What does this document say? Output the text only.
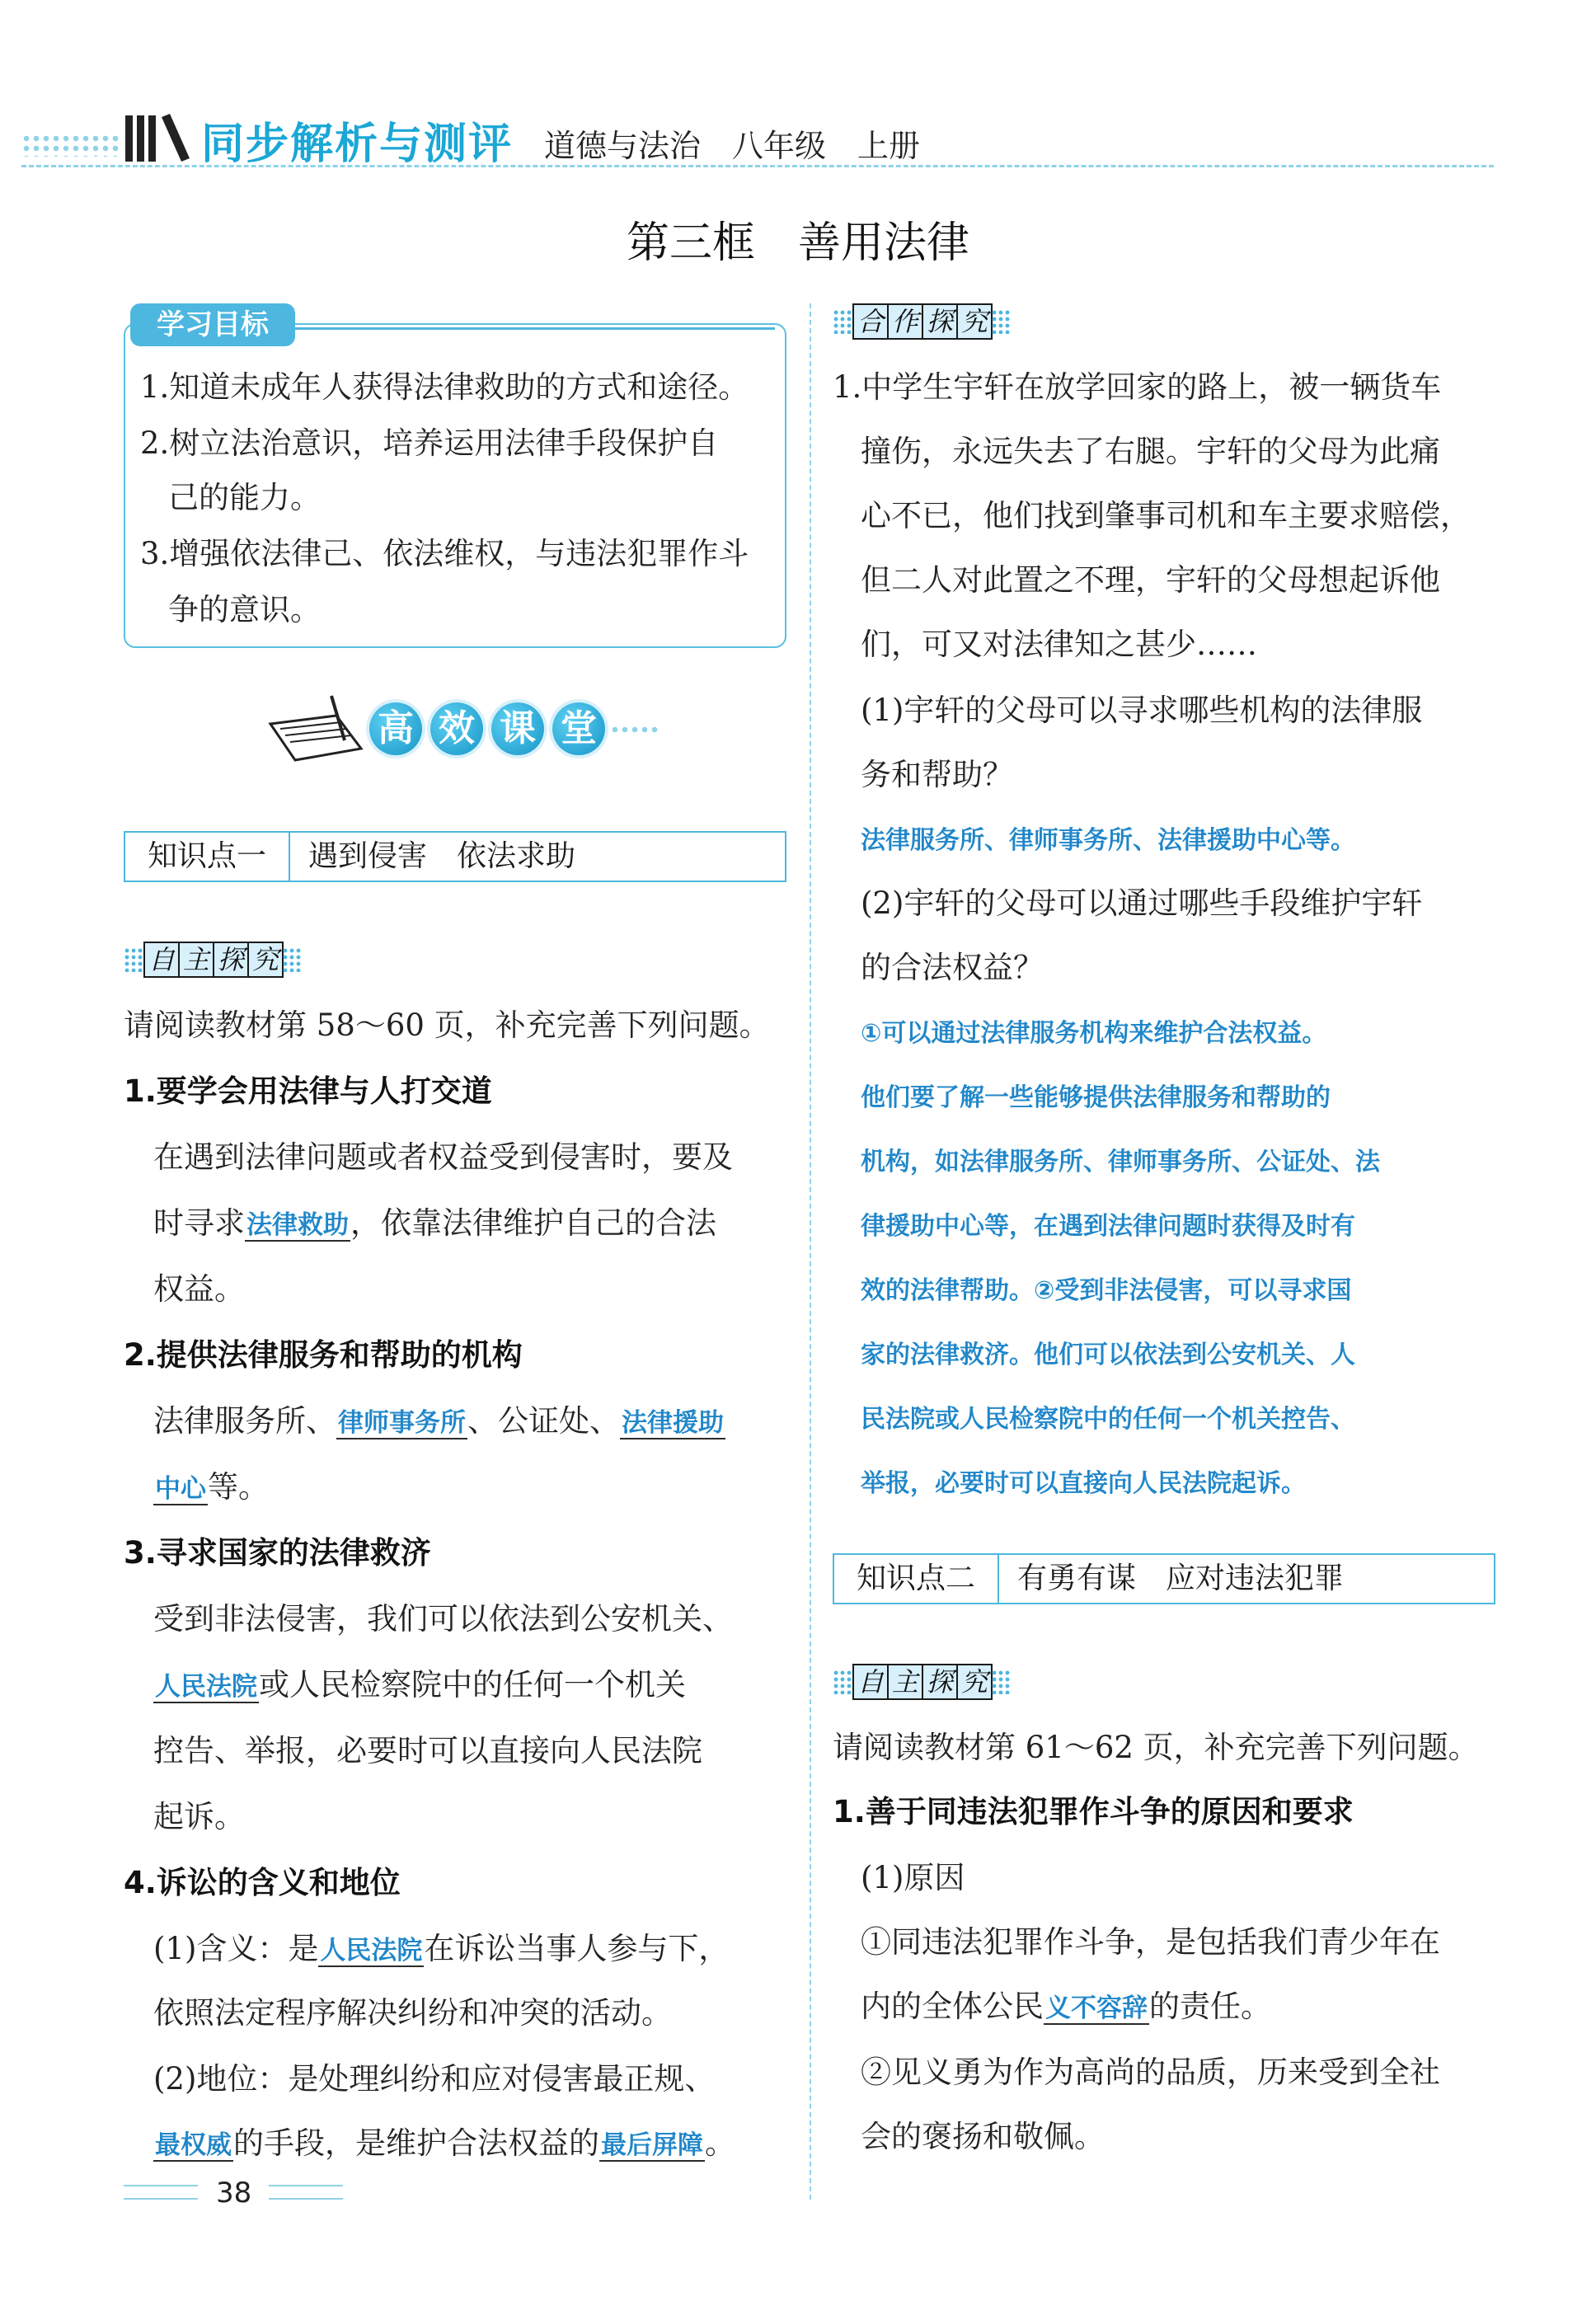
同步解析与测评 道德与法治　八年级　上册
第三框　善用法律
学习目标
1.知道未成年人获得法律救助的方式和途径。
2.树立法治意识，培养运用法律手段保护自
己的能力。
3.增强依法律己、依法维权，与违法犯罪作斗
争的意识。
高 效 课 堂
知识点一	遇到侵害　依法求助
自 主 探 究
请阅读教材第 58～60 页，补充完善下列问题。
1.要学会用法律与人打交道
在遇到法律问题或者权益受到侵害时，要及
时寻求法律救助，依靠法律维护自己的合法
权益。
2.提供法律服务和帮助的机构
法律服务所、律师事务所、公证处、法律援助
中心等。
3.寻求国家的法律救济
受到非法侵害，我们可以依法到公安机关、
人民法院或人民检察院中的任何一个机关
控告、举报，必要时可以直接向人民法院
起诉。
4.诉讼的含义和地位
(1)含义：是人民法院在诉讼当事人参与下，
依照法定程序解决纠纷和冲突的活动。
(2)地位：是处理纠纷和应对侵害最正规、
最权威的手段，是维护合法权益的最后屏障。
合 作 探 究
1.中学生宇轩在放学回家的路上，被一辆货车
撞伤，永远失去了右腿。宇轩的父母为此痛
心不已，他们找到肇事司机和车主要求赔偿，
但二人对此置之不理，宇轩的父母想起诉他
们，可又对法律知之甚少……
(1)宇轩的父母可以寻求哪些机构的法律服
务和帮助？
法律服务所、律师事务所、法律援助中心等。
(2)宇轩的父母可以通过哪些手段维护宇轩
的合法权益？
①可以通过法律服务机构来维护合法权益。
他们要了解一些能够提供法律服务和帮助的
机构，如法律服务所、律师事务所、公证处、法
律援助中心等，在遇到法律问题时获得及时有
效的法律帮助。②受到非法侵害，可以寻求国
家的法律救济。他们可以依法到公安机关、人
民法院或人民检察院中的任何一个机关控告、
举报，必要时可以直接向人民法院起诉。
知识点二	有勇有谋　应对违法犯罪
自 主 探 究
请阅读教材第 61～62 页，补充完善下列问题。
1.善于同违法犯罪作斗争的原因和要求
(1)原因
①同违法犯罪作斗争，是包括我们青少年在
内的全体公民义不容辞的责任。
②见义勇为作为高尚的品质，历来受到全社
会的褒扬和敬佩。
38
